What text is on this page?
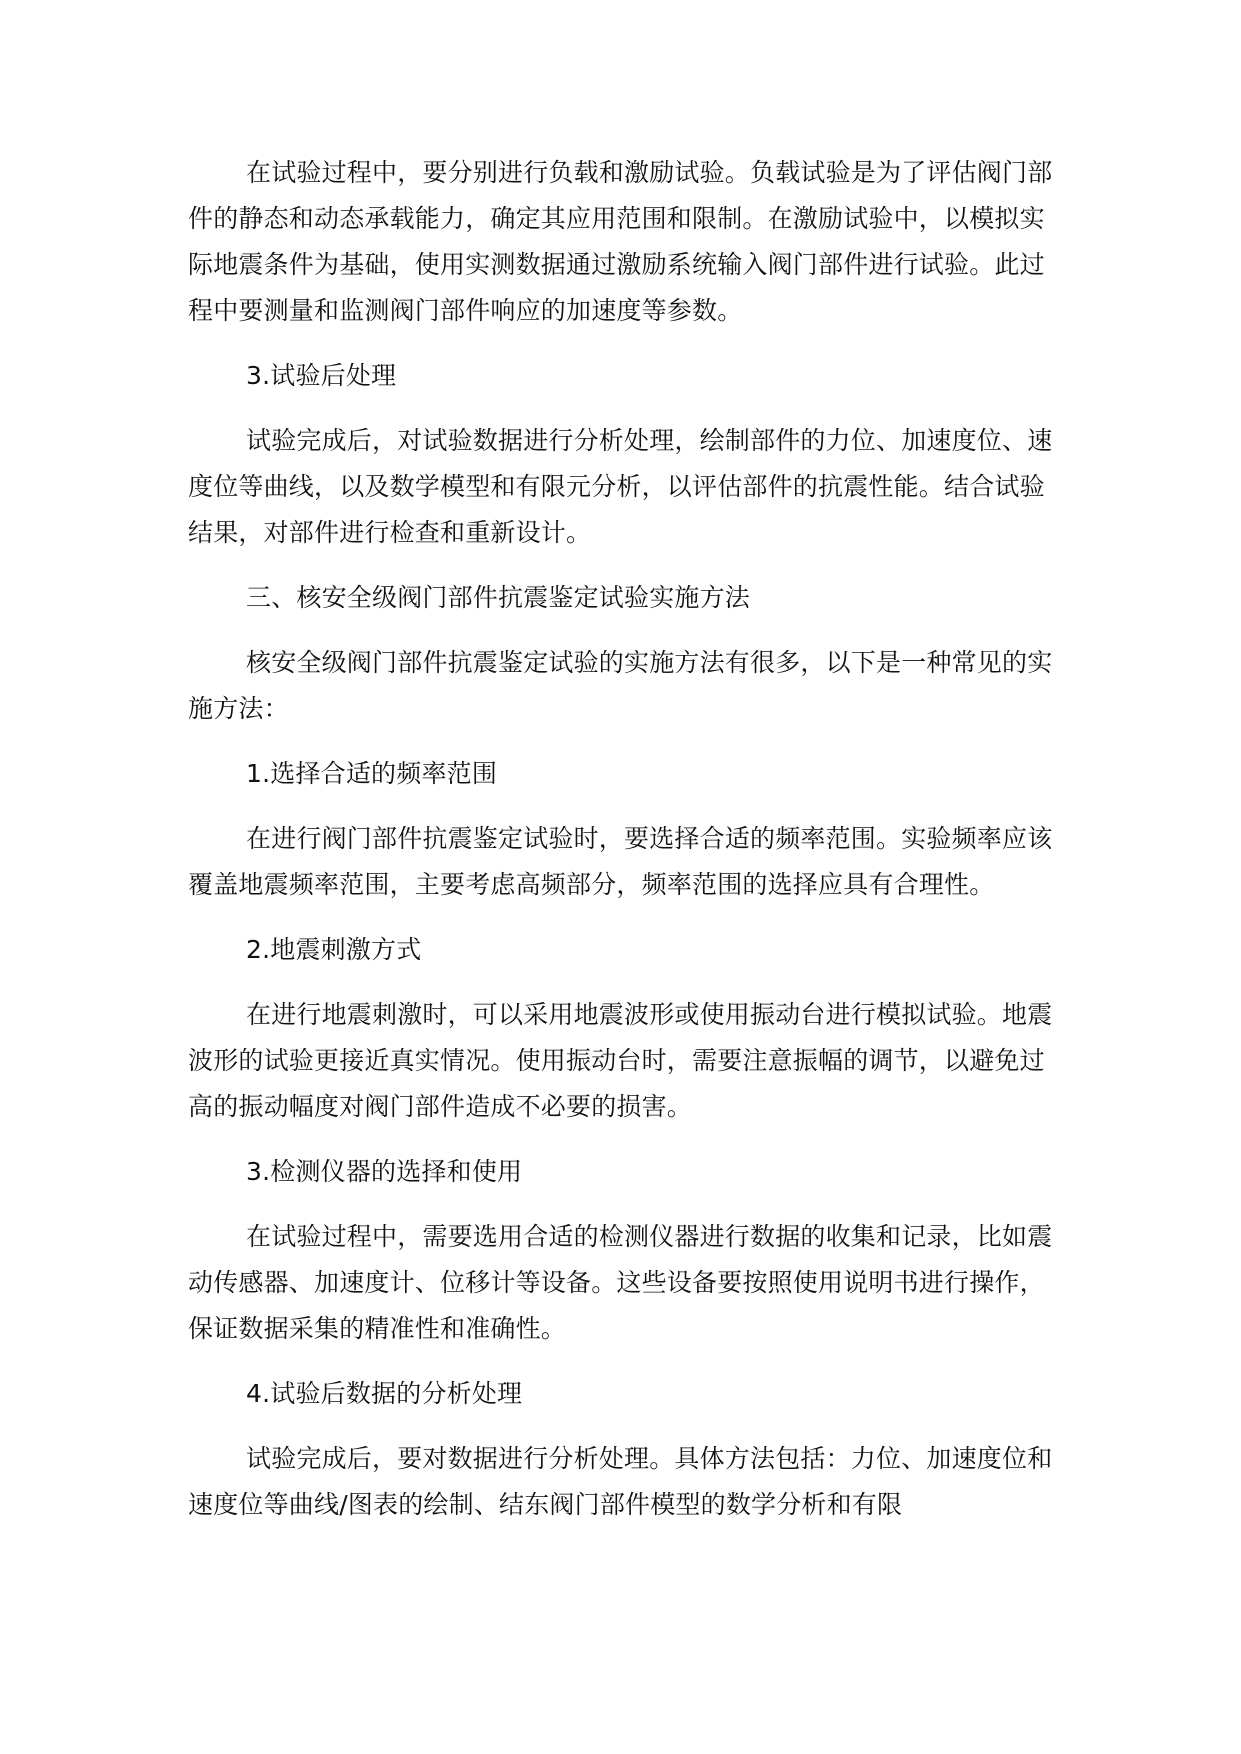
在试验过程中，要分别进行负载和激励试验。负载试验是为了评估阀门部件的静态和动态承载能力，确定其应用范围和限制。在激励试验中，以模拟实际地震条件为基础，使用实测数据通过激励系统输入阀门部件进行试验。此过程中要测量和监测阀门部件响应的加速度等参数。

3.试验后处理

试验完成后，对试验数据进行分析处理，绘制部件的力位、加速度位、速度位等曲线，以及数学模型和有限元分析，以评估部件的抗震性能。结合试验结果，对部件进行检查和重新设计。

三、核安全级阀门部件抗震鉴定试验实施方法

核安全级阀门部件抗震鉴定试验的实施方法有很多，以下是一种常见的实施方法：

1.选择合适的频率范围

在进行阀门部件抗震鉴定试验时，要选择合适的频率范围。实验频率应该覆盖地震频率范围，主要考虑高频部分，频率范围的选择应具有合理性。

2.地震刺激方式

在进行地震刺激时，可以采用地震波形或使用振动台进行模拟试验。地震波形的试验更接近真实情况。使用振动台时，需要注意振幅的调节，以避免过高的振动幅度对阀门部件造成不必要的损害。

3.检测仪器的选择和使用

在试验过程中，需要选用合适的检测仪器进行数据的收集和记录，比如震动传感器、加速度计、位移计等设备。这些设备要按照使用说明书进行操作，保证数据采集的精准性和准确性。

4.试验后数据的分析处理

试验完成后，要对数据进行分析处理。具体方法包括：力位、加速度位和速度位等曲线/图表的绘制、结东阀门部件模型的数学分析和有限
